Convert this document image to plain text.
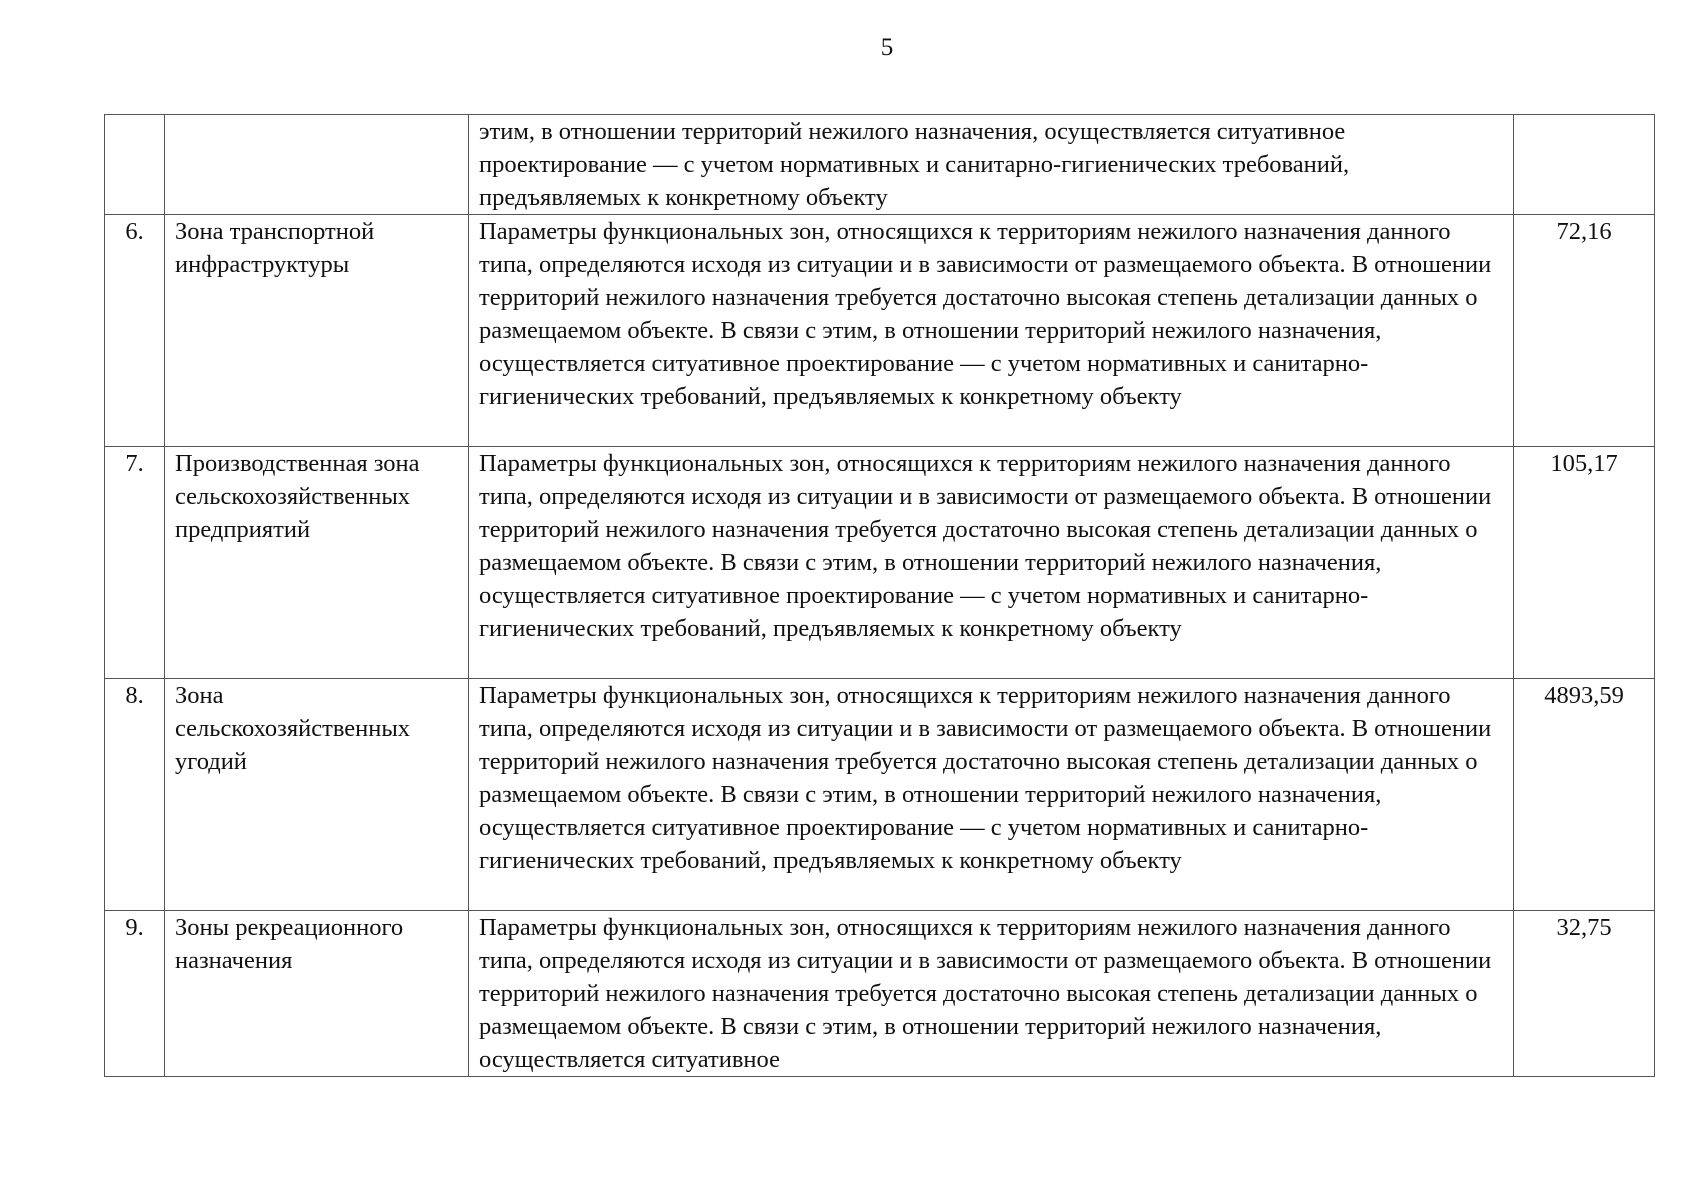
5

		этим, в отношении территорий нежилого назначения, осуществляется ситуативное проектирование — с учетом нормативных и санитарно-гигиенических требований, предъявляемых к конкретному объекту	

6.	Зона транспортной инфраструктуры	Параметры функциональных зон, относящихся к территориям нежилого назначения данного типа, определяются исходя из ситуации и в зависимости от размещаемого объекта. В отношении территорий нежилого назначения требуется достаточно высокая степень детализации данных о размещаемом объекте. В связи с этим, в отношении территорий нежилого назначения, осуществляется ситуативное проектирование — с учетом нормативных и санитарно-гигиенических требований, предъявляемых к конкретному объекту	72,16

7.	Производственная зона сельскохозяйственных предприятий	Параметры функциональных зон, относящихся к территориям нежилого назначения данного типа, определяются исходя из ситуации и в зависимости от размещаемого объекта. В отношении территорий нежилого назначения требуется достаточно высокая степень детализации данных о размещаемом объекте. В связи с этим, в отношении территорий нежилого назначения, осуществляется ситуативное проектирование — с учетом нормативных и санитарно-гигиенических требований, предъявляемых к конкретному объекту	105,17

8.	Зона сельскохозяйственных угодий	Параметры функциональных зон, относящихся к территориям нежилого назначения данного типа, определяются исходя из ситуации и в зависимости от размещаемого объекта. В отношении территорий нежилого назначения требуется достаточно высокая степень детализации данных о размещаемом объекте. В связи с этим, в отношении территорий нежилого назначения, осуществляется ситуативное проектирование — с учетом нормативных и санитарно-гигиенических требований, предъявляемых к конкретному объекту	4893,59

9.	Зоны рекреационного назначения	Параметры функциональных зон, относящихся к территориям нежилого назначения данного типа, определяются исходя из ситуации и в зависимости от размещаемого объекта. В отношении территорий нежилого назначения требуется достаточно высокая степень детализации данных о размещаемом объекте. В связи с этим, в отношении территорий нежилого назначения, осуществляется ситуативное	32,75
